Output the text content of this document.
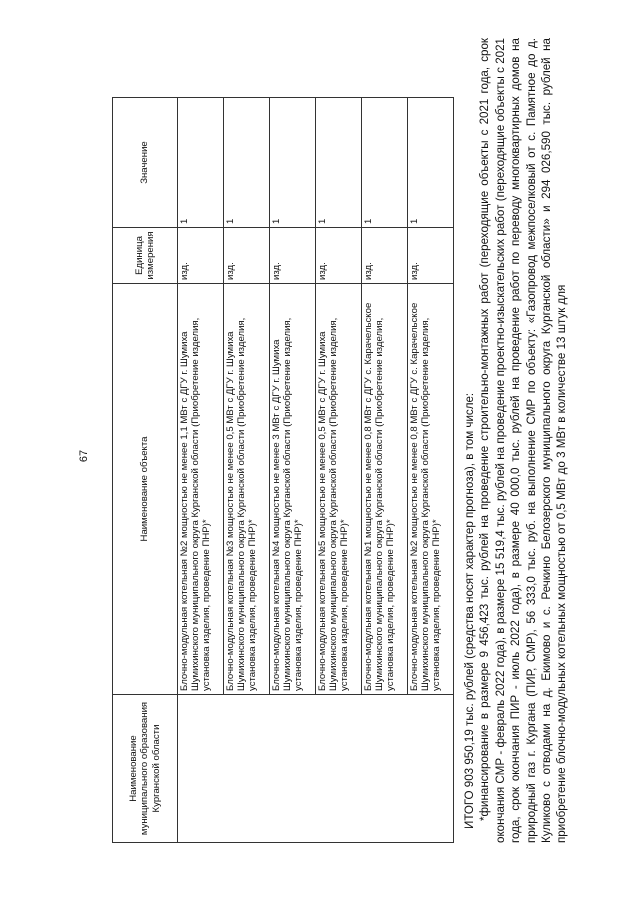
67
Наименование муниципального образования Курганской области	Наименование объекта	Единица измерения	Значение
	Блочно-модульная котельная №2 мощностью не менее 1,1 МВт с ДГУ г. Шумиха Шумихинского муниципального округа Курганской области (Приобретение изделия, установка изделия, проведение ПНР)*	изд.	1
	Блочно-модульная котельная №3 мощностью не менее 0,5 МВт с ДГУ г. Шумиха Шумихинского муниципального округа Курганской области (Приобретение изделия, установка изделия, проведение ПНР)*	изд.	1
	Блочно-модульная котельная №4 мощностью не менее 3 МВт с ДГУ г. Шумиха Шумихинского муниципального округа Курганской области (Приобретение изделия, установка изделия, проведение ПНР)*	изд.	1
	Блочно-модульная котельная №5 мощностью не менее 0,5 МВт с ДГУ г. Шумиха Шумихинского муниципального округа Курганской области (Приобретение изделия, установка изделия, проведение ПНР)*	изд.	1
	Блочно-модульная котельная №1 мощностью не менее 0,8 МВт с ДГУ с. Карачельское Шумихинского муниципального округа Курганской области (Приобретение изделия, установка изделия, проведение ПНР)*	изд.	1
	Блочно-модульная котельная №2 мощностью не менее 0,8 МВт с ДГУ с. Карачельское Шумихинского муниципального округа Курганской области (Приобретение изделия, установка изделия, проведение ПНР)*	изд.	1

ИТОГО 903 950,19 тыс. рублей (средства носят характер прогноза), в том числе: *финансирование в размере 9 456,423 тыс. рублей на проведение строительно-монтажных работ (переходящие объекты с 2021 года, срок окончания СМР - февраль 2022 года), в размере 15 519,4 тыс. рублей на проведение проектно-изыскательских работ (переходящие объекты с 2021 года, срок окончания ПИР - июль 2022 года), в размере 40 000,0 тыс. рублей на проведение работ по переводу многоквартирных домов на природный газ г. Кургана (ПИР, СМР), 56 333,0 тыс. руб. на выполнение СМР по объекту: «Газопровод межпоселковый от с. Памятное до д. Куликово с отводами на д. Екимово и с. Речкино Белозерского муниципального округа Курганской области» и 294 026,590 тыс. рублей на приобретение блочно-модульных котельных мощностью от 0,5 МВт до 3 МВт в количестве 13 штук для
